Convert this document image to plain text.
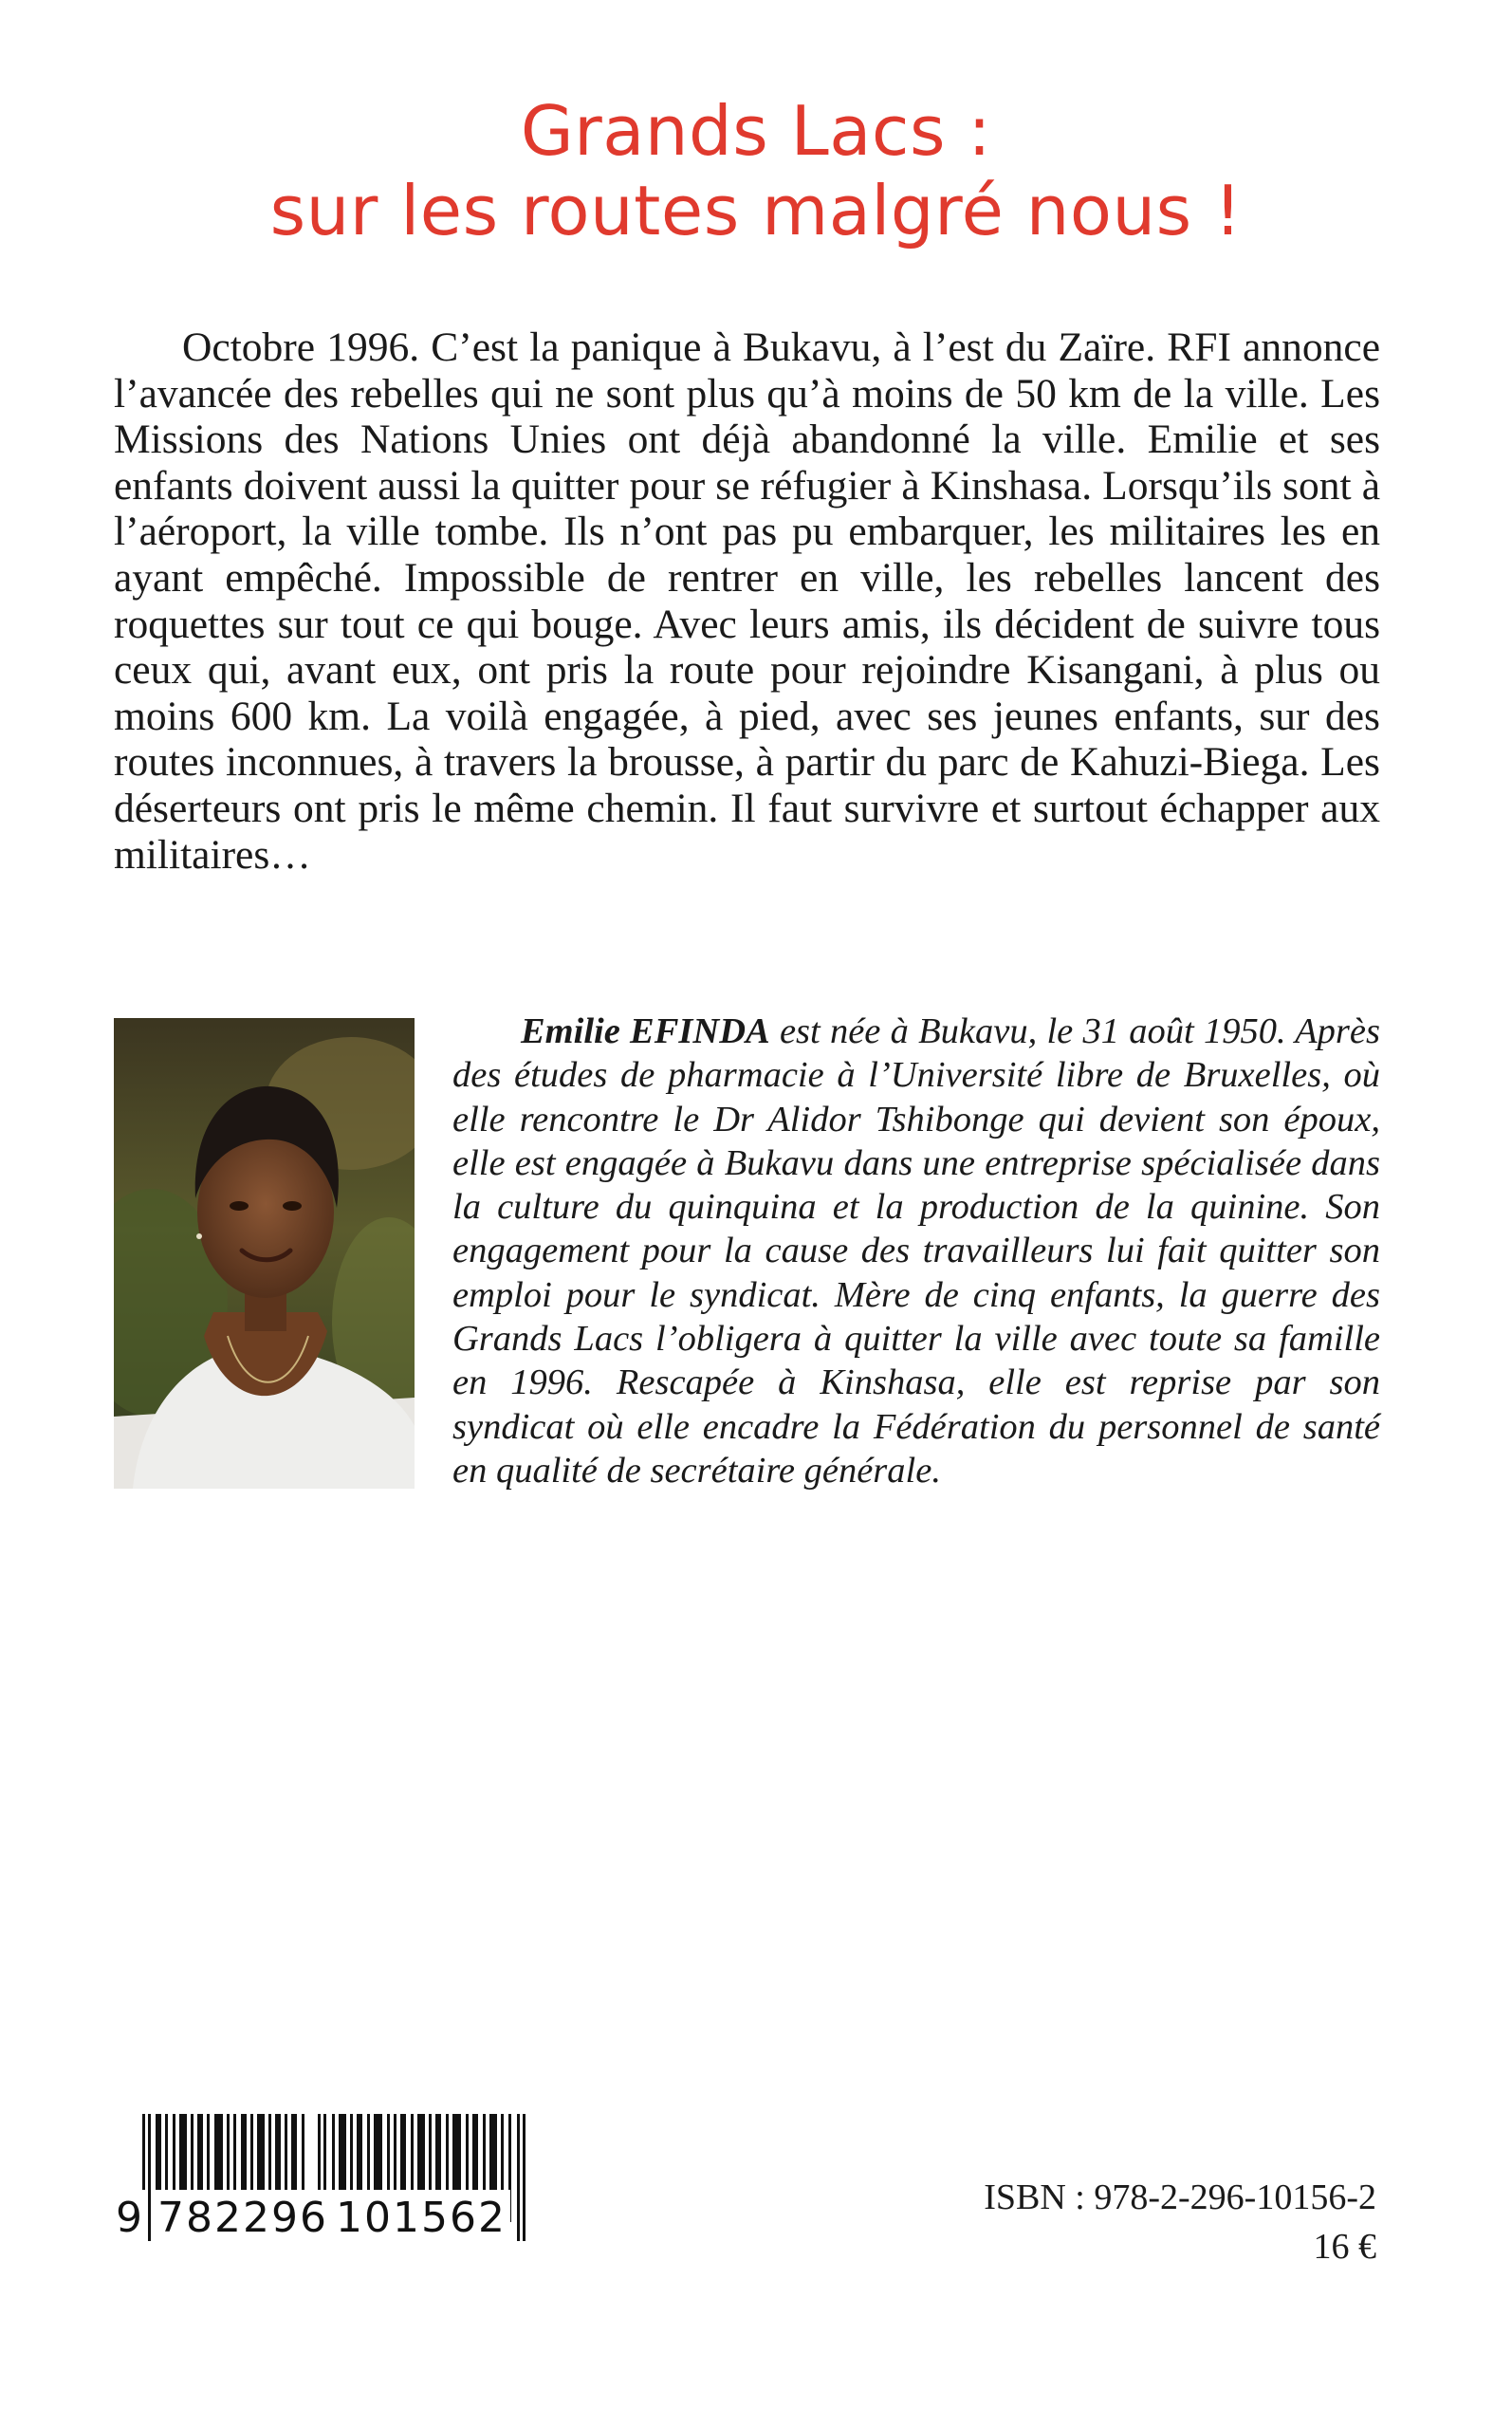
Grands Lacs :
sur les routes malgré nous !

Octobre 1996. C’est la panique à Bukavu, à l’est du Zaïre. RFI annonce l’avancée des rebelles qui ne sont plus qu’à moins de 50 km de la ville. Les Missions des Nations Unies ont déjà abandonné la ville. Emilie et ses enfants doivent aussi la quitter pour se réfugier à Kinshasa. Lorsqu’ils sont à l’aéroport, la ville tombe. Ils n’ont pas pu embarquer, les militaires les en ayant empêché. Impossible de rentrer en ville, les rebelles lancent des roquettes sur tout ce qui bouge. Avec leurs amis, ils décident de suivre tous ceux qui, avant eux, ont pris la route pour rejoindre Kisangani, à plus ou moins 600 km. La voilà engagée, à pied, avec ses jeunes enfants, sur des routes inconnues, à travers la brousse, à partir du parc de Kahuzi-Biega. Les déserteurs ont pris le même chemin. Il faut survivre et surtout échapper aux militaires…

Emilie EFINDA est née à Bukavu, le 31 août 1950. Après des études de pharmacie à l’Université libre de Bruxelles, où elle rencontre le Dr Alidor Tshibonge qui devient son époux, elle est engagée à Bukavu dans une entreprise spécialisée dans la culture du quinquina et la production de la quinine. Son engagement pour la cause des travailleurs lui fait quitter son emploi pour le syndicat. Mère de cinq enfants, la guerre des Grands Lacs l’obligera à quitter la ville avec toute sa famille en 1996. Rescapée à Kinshasa, elle est reprise par son syndicat où elle encadre la Fédération du personnel de santé en qualité de secrétaire générale.

9 782296 101562	ISBN : 978-2-296-10156-2
16 €
